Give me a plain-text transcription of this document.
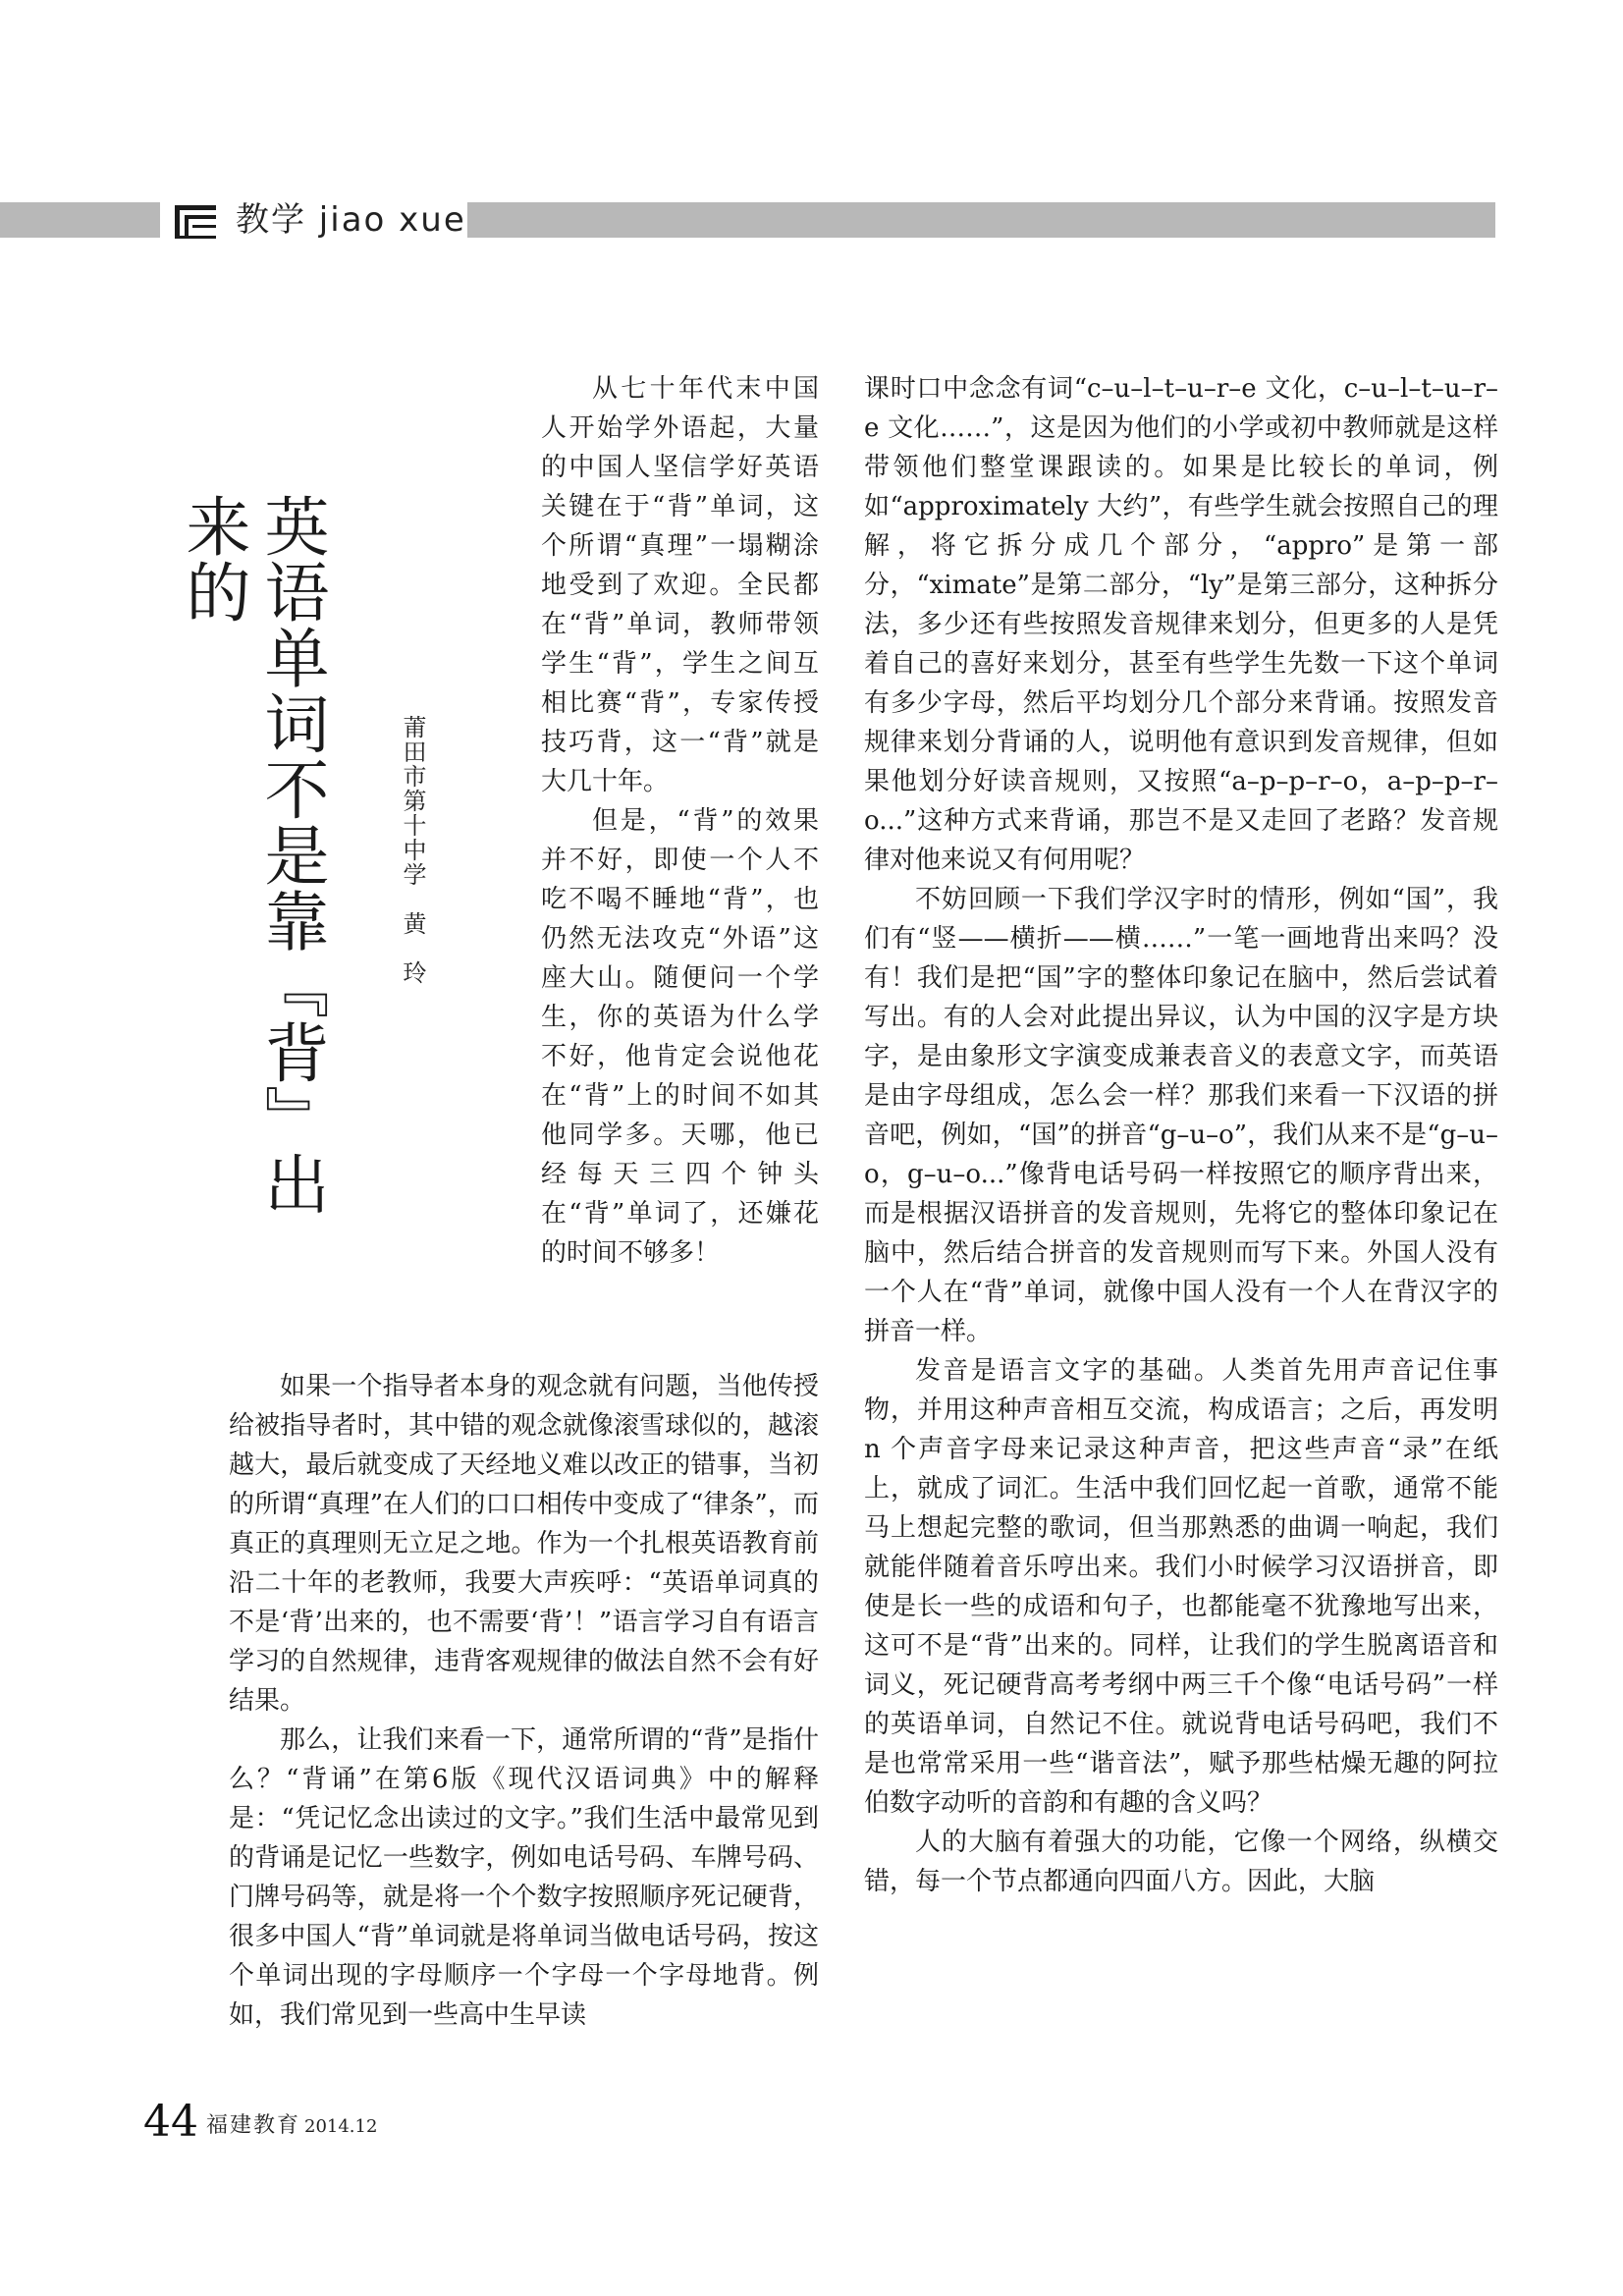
教学 jiao xue
英语单词不是靠『背』出来的
莆田市第十中学　黄　玲

从七十年代末中国人开始学外语起，大量的中国人坚信学好英语关键在于“背”单词，这个所谓“真理”一塌糊涂地受到了欢迎。全民都在“背”单词，教师带领学生“背”，学生之间互相比赛“背”，专家传授技巧背，这一“背”就是大几十年。

但是，“背”的效果并不好，即使一个人不吃不喝不睡地“背”，也仍然无法攻克“外语”这座大山。随便问一个学生，你的英语为什么学不好，他肯定会说他花在“背”上的时间不如其他同学多。天哪，他已经每天三四个钟头在“背”单词了，还嫌花的时间不够多！

如果一个指导者本身的观念就有问题，当他传授给被指导者时，其中错的观念就像滚雪球似的，越滚越大，最后就变成了天经地义难以改正的错事，当初的所谓“真理”在人们的口口相传中变成了“律条”，而真正的真理则无立足之地。作为一个扎根英语教育前沿二十年的老教师，我要大声疾呼：“英语单词真的不是‘背’出来的，也不需要‘背’！”语言学习自有语言学习的自然规律，违背客观规律的做法自然不会有好结果。

那么，让我们来看一下，通常所谓的“背”是指什么？“背诵”在第6版《现代汉语词典》中的解释是：“凭记忆念出读过的文字。”我们生活中最常见到的背诵是记忆一些数字，例如电话号码、车牌号码、门牌号码等，就是将一个个数字按照顺序死记硬背，很多中国人“背”单词就是将单词当做电话号码，按这个单词出现的字母顺序一个字母一个字母地背。例如，我们常见到一些高中生早读

课时口中念念有词“c–u–l–t–u–r–e 文化，c–u–l–t–u–r–e 文化……”，这是因为他们的小学或初中教师就是这样带领他们整堂课跟读的。如果是比较长的单词，例如“approximately 大约”，有些学生就会按照自己的理解，将它拆分成几个部分，“appro”是第一部分，“ximate”是第二部分，“ly”是第三部分，这种拆分法，多少还有些按照发音规律来划分，但更多的人是凭着自己的喜好来划分，甚至有些学生先数一下这个单词有多少字母，然后平均划分几个部分来背诵。按照发音规律来划分背诵的人，说明他有意识到发音规律，但如果他划分好读音规则，又按照“a–p–p–r–o，a–p–p–r–o...”这种方式来背诵，那岂不是又走回了老路？发音规律对他来说又有何用呢？

不妨回顾一下我们学汉字时的情形，例如“国”，我们有“竖——横折——横……”一笔一画地背出来吗？没有！我们是把“国”字的整体印象记在脑中，然后尝试着写出。有的人会对此提出异议，认为中国的汉字是方块字，是由象形文字演变成兼表音义的表意文字，而英语是由字母组成，怎么会一样？那我们来看一下汉语的拼音吧，例如，“国”的拼音“g–u–o”，我们从来不是“g–u–o，g–u–o...”像背电话号码一样按照它的顺序背出来，而是根据汉语拼音的发音规则，先将它的整体印象记在脑中，然后结合拼音的发音规则而写下来。外国人没有一个人在“背”单词，就像中国人没有一个人在背汉字的拼音一样。

发音是语言文字的基础。人类首先用声音记住事物，并用这种声音相互交流，构成语言；之后，再发明 n 个声音字母来记录这种声音，把这些声音“录”在纸上，就成了词汇。生活中我们回忆起一首歌，通常不能马上想起完整的歌词，但当那熟悉的曲调一响起，我们就能伴随着音乐哼出来。我们小时候学习汉语拼音，即使是长一些的成语和句子，也都能毫不犹豫地写出来，这可不是“背”出来的。同样，让我们的学生脱离语音和词义，死记硬背高考考纲中两三千个像“电话号码”一样的英语单词，自然记不住。就说背电话号码吧，我们不是也常常采用一些“谐音法”，赋予那些枯燥无趣的阿拉伯数字动听的音韵和有趣的含义吗？

人的大脑有着强大的功能，它像一个网络，纵横交错，每一个节点都通向四面八方。因此，大脑

44 福建教育 2014.12
